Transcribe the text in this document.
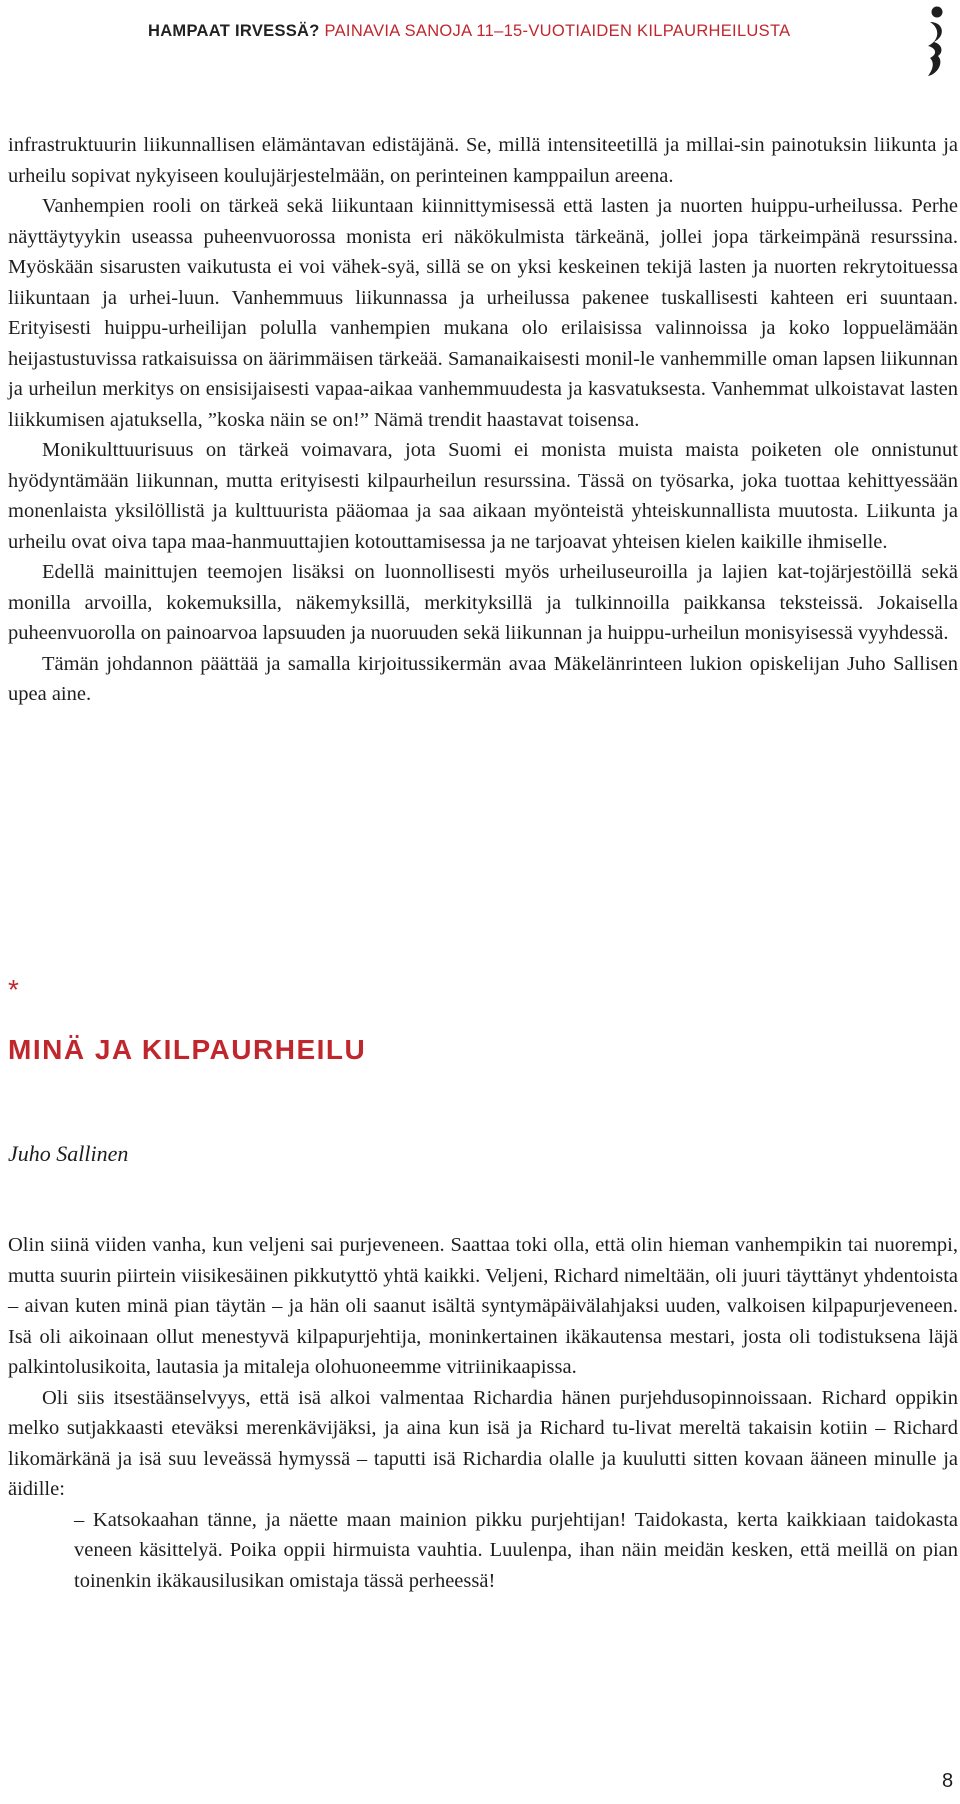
HAMPAAT IRVESSÄ? PAINAVIA SANOJA 11–15-VUOTIAIDEN KILPAURHEILUSTA

infrastruktuurin liikunnallisen elämäntavan edistäjänä. Se, millä intensiteetillä ja millai-sin painotuksin liikunta ja urheilu sopivat nykyiseen koulujärjestelmään, on perinteinen kamppailun areena.

Vanhempien rooli on tärkeä sekä liikuntaan kiinnittymisessä että lasten ja nuorten huippu-urheilussa. Perhe näyttäytyykin useassa puheenvuorossa monista eri näkökulmista tärkeänä, jollei jopa tärkeimpänä resurssina. Myöskään sisarusten vaikutusta ei voi vähek-syä, sillä se on yksi keskeinen tekijä lasten ja nuorten rekrytoituessa liikuntaan ja urhei-luun. Vanhemmuus liikunnassa ja urheilussa pakenee tuskallisesti kahteen eri suuntaan. Erityisesti huippu-urheilijan polulla vanhempien mukana olo erilaisissa valinnoissa ja koko loppuelämään heijastustuvissa ratkaisuissa on äärimmäisen tärkeää. Samanaikaisesti monil-le vanhemmille oman lapsen liikunnan ja urheilun merkitys on ensisijaisesti vapaa-aikaa vanhemmuudesta ja kasvatuksesta. Vanhemmat ulkoistavat lasten liikkumisen ajatuksella, ”koska näin se on!” Nämä trendit haastavat toisensa.

Monikulttuurisuus on tärkeä voimavara, jota Suomi ei monista muista maista poiketen ole onnistunut hyödyntämään liikunnan, mutta erityisesti kilpaurheilun resurssina. Tässä on työsarka, joka tuottaa kehittyessään monenlaista yksilöllistä ja kulttuurista pääomaa ja saa aikaan myönteistä yhteiskunnallista muutosta. Liikunta ja urheilu ovat oiva tapa maa-hanmuuttajien kotouttamisessa ja ne tarjoavat yhteisen kielen kaikille ihmiselle.

Edellä mainittujen teemojen lisäksi on luonnollisesti myös urheiluseuroilla ja lajien kat-tojärjestöillä sekä monilla arvoilla, kokemuksilla, näkemyksillä, merkityksillä ja tulkinnoilla paikkansa teksteissä. Jokaisella puheenvuorolla on painoarvoa lapsuuden ja nuoruuden sekä liikunnan ja huippu-urheilun monisyisessä vyyhdessä.

Tämän johdannon päättää ja samalla kirjoitussikermän avaa Mäkelänrinteen lukion opiskelijan Juho Sallisen upea aine.

*
MINÄ JA KILPAURHEILU
Juho Sallinen

Olin siinä viiden vanha, kun veljeni sai purjeveneen. Saattaa toki olla, että olin hieman vanhempikin tai nuorempi, mutta suurin piirtein viisikesäinen pikkutyttö yhtä kaikki. Veljeni, Richard nimeltään, oli juuri täyttänyt yhdentoista – aivan kuten minä pian täytän – ja hän oli saanut isältä syntymäpäivälahjaksi uuden, valkoisen kilpapurjeveneen. Isä oli aikoinaan ollut menestyvä kilpapurjehtija, moninkertainen ikäkautensa mestari, josta oli todistuksena läjä palkintolusikoita, lautasia ja mitaleja olohuoneemme vitriinikaapissa.

Oli siis itsestäänselvyys, että isä alkoi valmentaa Richardia hänen purjehdusopinnoissaan. Richard oppikin melko sutjakkaasti eteväksi merenkävijäksi, ja aina kun isä ja Richard tu-livat mereltä takaisin kotiin – Richard likomärkänä ja isä suu leveässä hymyssä – taputti isä Richardia olalle ja kuulutti sitten kovaan ääneen minulle ja äidille:

– Katsokaahan tänne, ja näette maan mainion pikku purjehtijan! Taidokasta, kerta kaikkiaan taidokasta veneen käsittelyä. Poika oppii hirmuista vauhtia. Luulenpa, ihan näin meidän kesken, että meillä on pian toinenkin ikäkausilusikan omistaja tässä perheessä!

8
